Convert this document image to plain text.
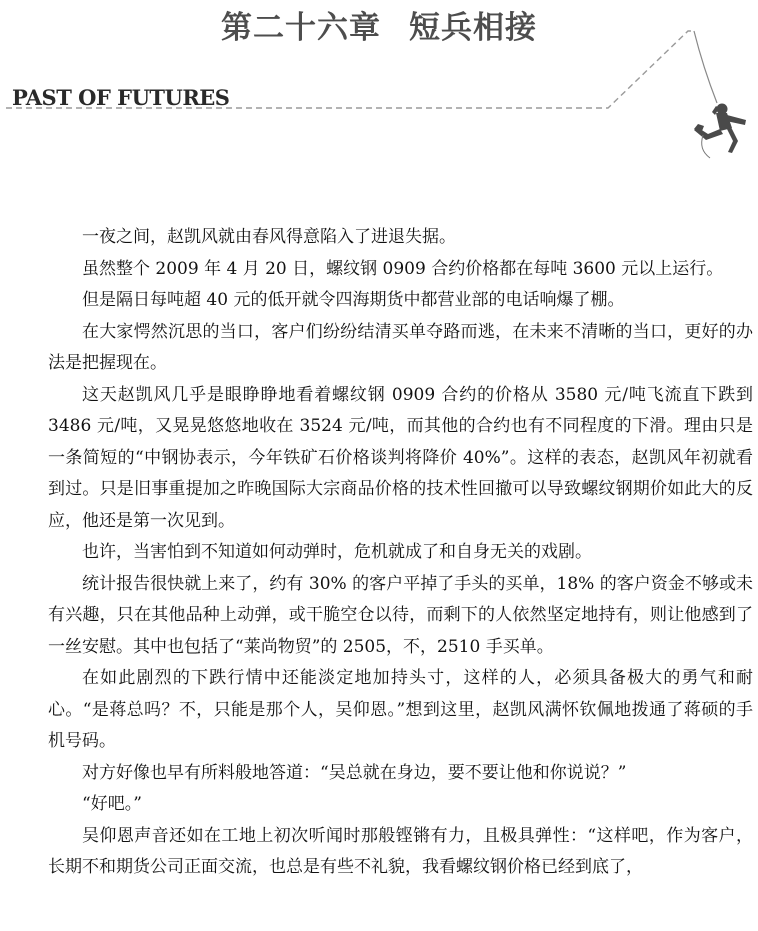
第二十六章 短兵相接
PAST OF FUTURES

一夜之间，赵凯风就由春风得意陷入了进退失据。

虽然整个 2009 年 4 月 20 日，螺纹钢 0909 合约价格都在每吨 3600 元以上运行。

但是隔日每吨超 40 元的低开就令四海期货中都营业部的电话响爆了棚。

在大家愕然沉思的当口，客户们纷纷结清买单夺路而逃，在未来不清晰的当口，更好的办法是把握现在。

这天赵凯风几乎是眼睁睁地看着螺纹钢 0909 合约的价格从 3580 元/吨飞流直下跌到 3486 元/吨，又晃晃悠悠地收在 3524 元/吨，而其他的合约也有不同程度的下滑。理由只是一条简短的“中钢协表示，今年铁矿石价格谈判将降价 40%”。这样的表态，赵凯风年初就看到过。只是旧事重提加之昨晚国际大宗商品价格的技术性回撤可以导致螺纹钢期价如此大的反应，他还是第一次见到。

也许，当害怕到不知道如何动弹时，危机就成了和自身无关的戏剧。

统计报告很快就上来了，约有 30% 的客户平掉了手头的买单，18% 的客户资金不够或未有兴趣，只在其他品种上动弹，或干脆空仓以待，而剩下的人依然坚定地持有，则让他感到了一丝安慰。其中也包括了“莱尚物贸”的 2505，不，2510 手买单。

在如此剧烈的下跌行情中还能淡定地加持头寸，这样的人，必须具备极大的勇气和耐心。“是蒋总吗？不，只能是那个人，吴仰恩。”想到这里，赵凯风满怀钦佩地拨通了蒋硕的手机号码。

对方好像也早有所料般地答道：“吴总就在身边，要不要让他和你说说？”

“好吧。”

吴仰恩声音还如在工地上初次听闻时那般铿锵有力，且极具弹性：“这样吧，作为客户，长期不和期货公司正面交流，也总是有些不礼貌，我看螺纹钢价格已经到底了，
